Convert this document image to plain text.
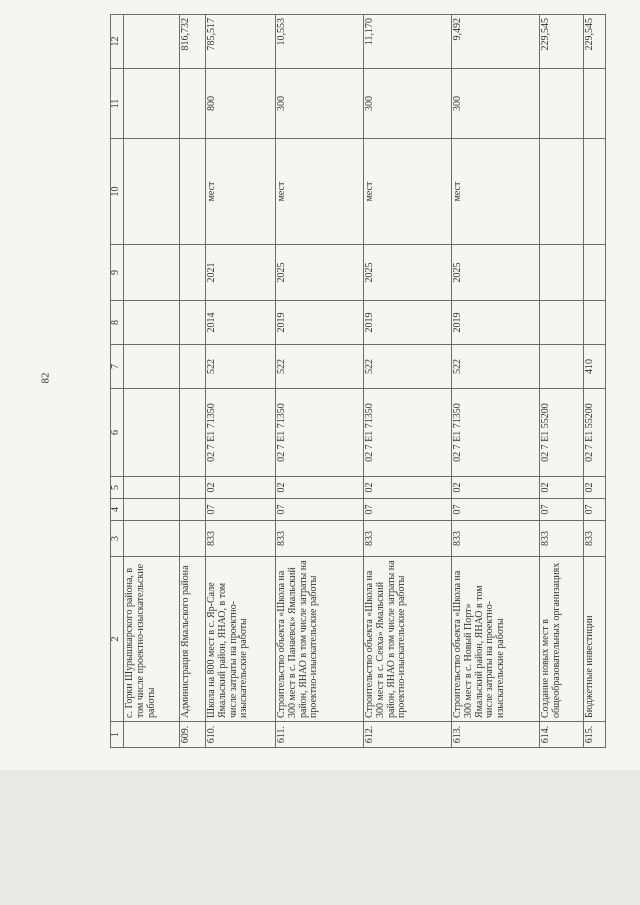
82
1	2	3	4	5	6	7	8	9	10	11	12
	с. Горки Шурышкарского района, в том числе проектно-изыскательские работы										
609.	Администрация Ямальского района										816,732
610.	Школа на 800 мест в с. Яр-Сале Ямальский район, ЯНАО, в том числе затраты на проектно-изыскательские работы	833	07	02	02 7 Е1 71350	522	2014	2021	мест	800	785,517
611.	Строительство объекта «Школа на 300 мест в с. Панаевск» Ямальский район, ЯНАО в том числе затраты на проектно-изыскательские работы	833	07	02	02 7 Е1 71350	522	2019	2025	мест	300	10,553
612.	Строительство объекта «Школа на 300 мест в с. Сеяха» Ямальский район, ЯНАО в том числе затраты на проектно-изыскательские работы	833	07	02	02 7 Е1 71350	522	2019	2025	мест	300	11,170
613.	Строительство объекта «Школа на 300 мест в с. Новый Порт» Ямальский район, ЯНАО в том числе затраты на проектно-изыскательские работы	833	07	02	02 7 Е1 71350	522	2019	2025	мест	300	9,492
614.	Создание новых мест в общеобразовательных организациях	833	07	02	02 7 Е1 55200						229,545
615.	Бюджетные инвестиции	833	07	02	02 7 Е1 55200	410					229,545
